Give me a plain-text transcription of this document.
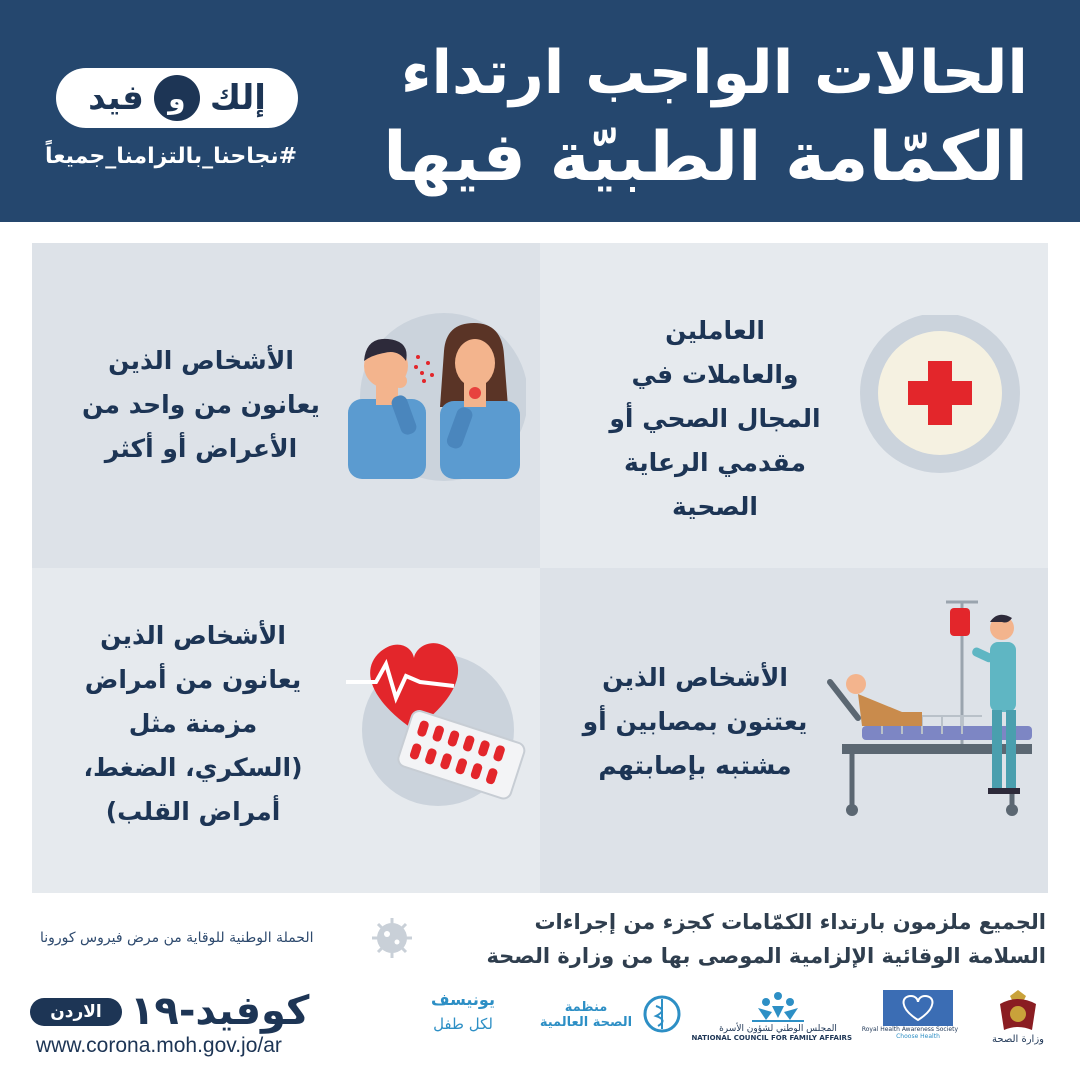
الحالات الواجب ارتداء
الكمّامة الطبيّة فيها
إلك
و
فيد
#نجاحنا_بالتزامنا_جميعاً
الأشخاص الذين
يعانون من واحد من
الأعراض أو أكثر
العاملين
والعاملات في
المجال الصحي أو
مقدمي الرعاية
الصحية
الأشخاص الذين
يعانون من أمراض
مزمنة مثل
(السكري، الضغط،
أمراض القلب)
الأشخاص الذين
يعتنون بمصابين أو
مشتبه بإصابتهم
الجميع ملزمون بارتداء الكمّامات كجزء من إجراءات
السلامة الوقائية الإلزامية الموصى بها من وزارة الصحة
الحملة الوطنية للوقاية من مرض فيروس كورونا
كوفيد-١٩
الاردن
www.corona.moh.gov.jo/ar
يونيسف
لكل طفل
منظمة
الصحة العالمية	المجلس الوطني لشؤون الأسرة
NATIONAL COUNCIL FOR FAMILY AFFAIRS
Royal Health Awareness Society
Choose Health	وزارة الصحة
